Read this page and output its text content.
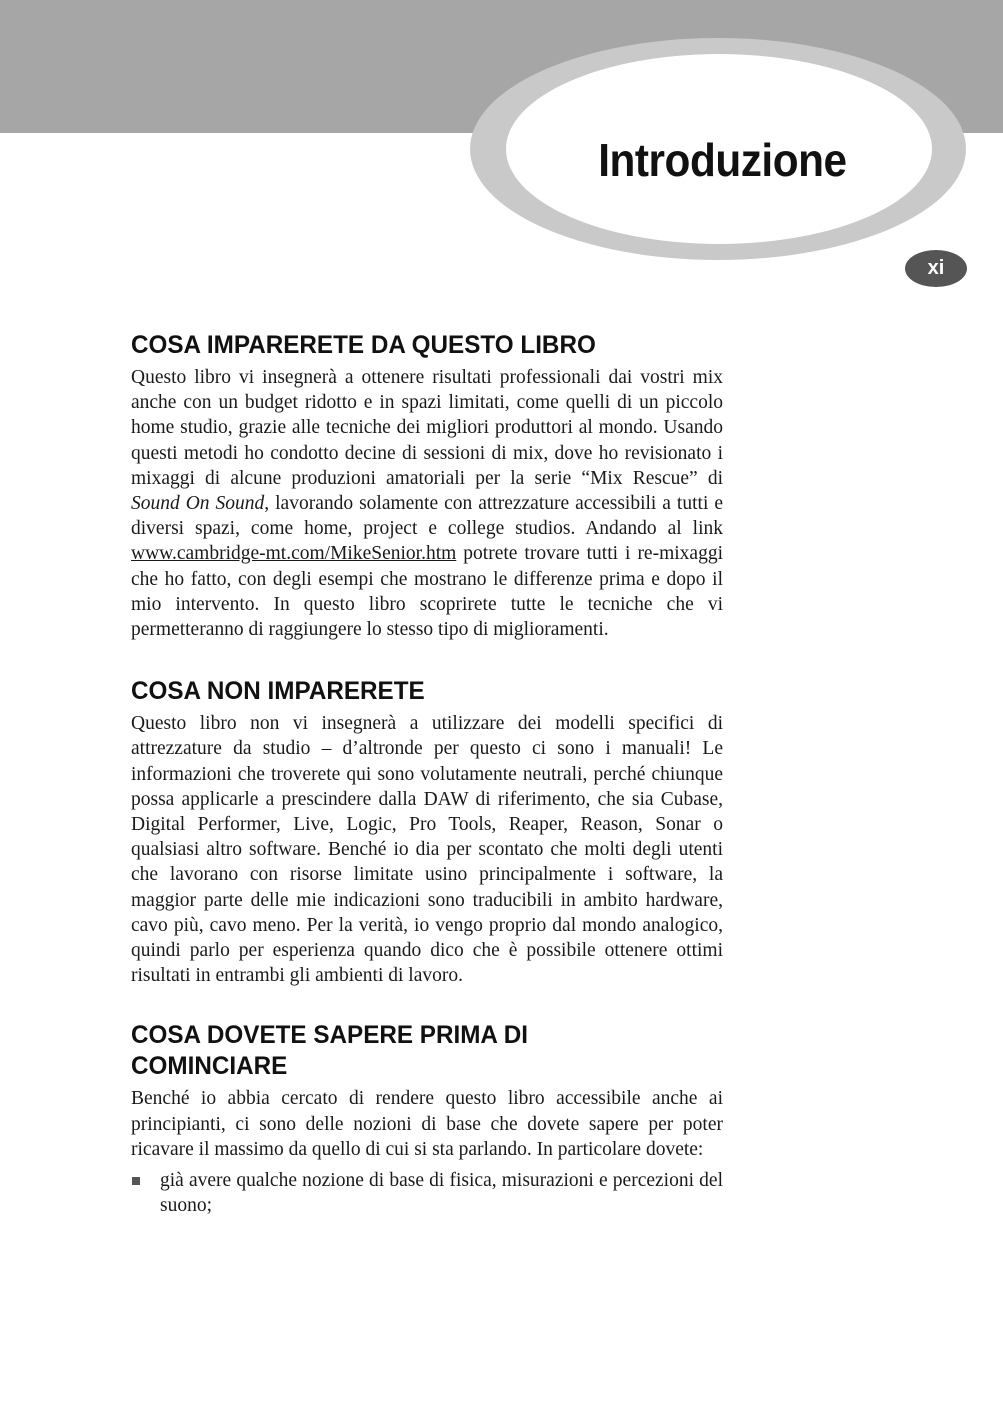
Introduzione
xi
COSA IMPARERETE DA QUESTO LIBRO

Questo libro vi insegnerà a ottenere risultati professionali dai vostri mix anche con un budget ridotto e in spazi limitati, come quelli di un piccolo home studio, grazie alle tecniche dei migliori produttori al mondo. Usando questi metodi ho condotto decine di sessioni di mix, dove ho revisionato i mixaggi di alcune produzioni amatoriali per la serie “Mix Rescue” di Sound On Sound, lavorando solamente con attrezzature accessibili a tutti e diversi spazi, come home, project e college studios. Andando al link www.cambridge-mt.com/MikeSenior.htm potrete trovare tutti i re-mixaggi che ho fatto, con degli esempi che mostrano le differenze prima e dopo il mio intervento. In questo libro scoprirete tutte le tecniche che vi permetteranno di raggiungere lo stesso tipo di miglioramenti.

COSA NON IMPARERETE

Questo libro non vi insegnerà a utilizzare dei modelli specifici di attrezzature da studio – d’altronde per questo ci sono i manuali! Le informazioni che troverete qui sono volutamente neutrali, perché chiunque possa applicarle a prescindere dalla DAW di riferimento, che sia Cubase, Digital Performer, Live, Logic, Pro Tools, Reaper, Reason, Sonar o qualsiasi altro software. Benché io dia per scontato che molti degli utenti che lavorano con risorse limitate usino principalmente i software, la maggior parte delle mie indicazioni sono traducibili in ambito hardware, cavo più, cavo meno. Per la verità, io vengo proprio dal mondo analogico, quindi parlo per esperienza quando dico che è possibile ottenere ottimi risultati in entrambi gli ambienti di lavoro.

COSA DOVETE SAPERE PRIMA DI
COMINCIARE

Benché io abbia cercato di rendere questo libro accessibile anche ai principianti, ci sono delle nozioni di base che dovete sapere per poter ricavare il massimo da quello di cui si sta parlando. In particolare dovete:

già avere qualche nozione di base di fisica, misurazioni e percezioni del suono;
